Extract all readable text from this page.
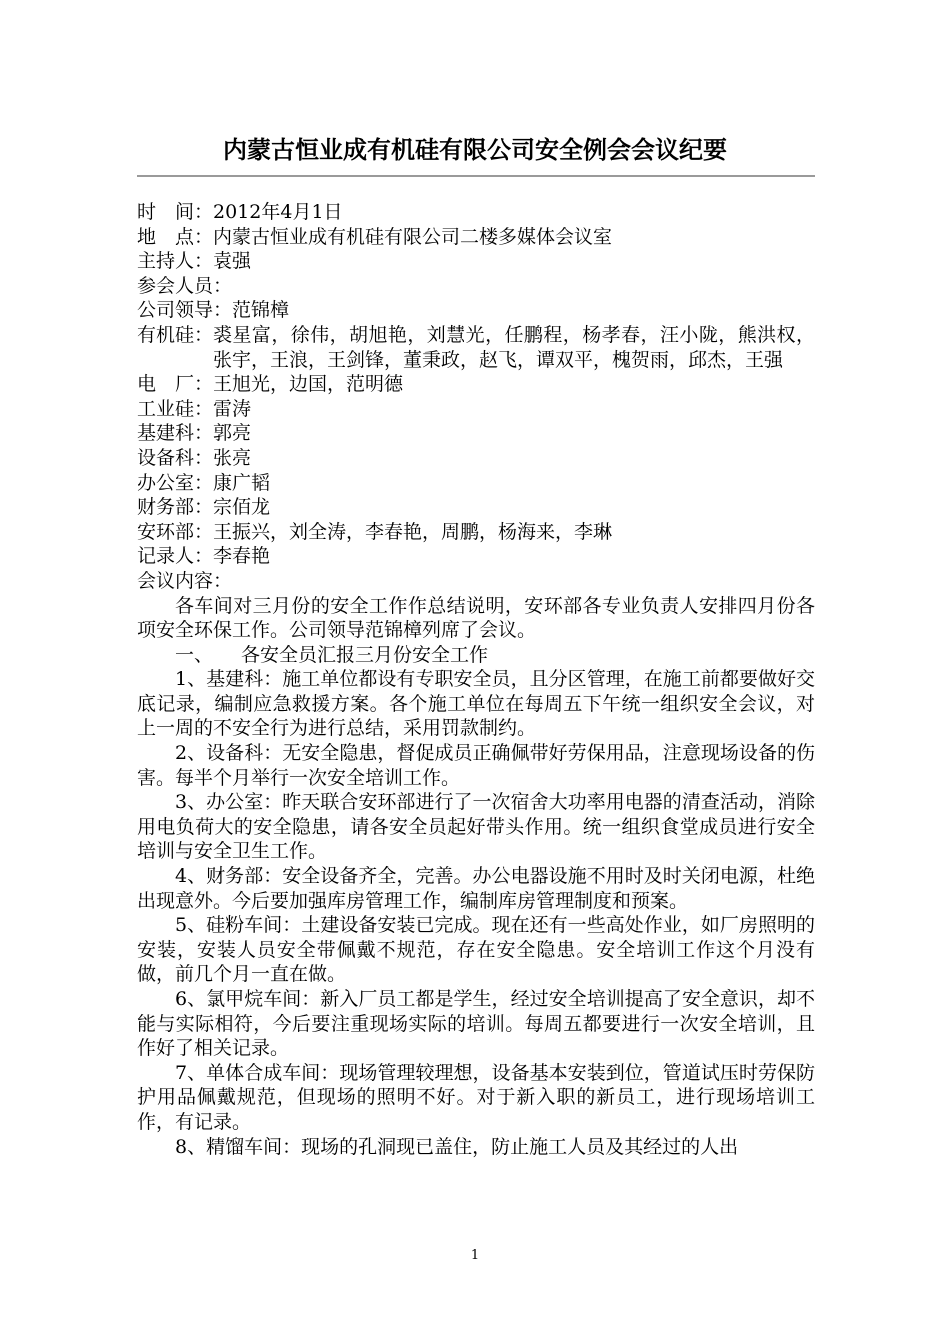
内蒙古恒业成有机硅有限公司安全例会会议纪要
时　间： 2012年4月1日
地　点： 内蒙古恒业成有机硅有限公司二楼多媒体会议室
主持人： 袁强
参会人员：
公司领导： 范锦樟
有机硅： 裘星富，徐伟，胡旭艳，刘慧光，任鹏程，杨孝春，汪小陇，熊洪权，张宇，王浪，王剑锋，董秉政，赵飞，谭双平，槐贺雨，邱杰，王强
电　厂： 王旭光，边国，范明德
工业硅： 雷涛
基建科： 郭亮
设备科： 张亮
办公室： 康广韬
财务部： 宗佰龙
安环部： 王振兴，刘全涛，李春艳，周鹏，杨海来，李琳
记录人： 李春艳
会议内容：

各车间对三月份的安全工作作总结说明，安环部各专业负责人安排四月份各项安全环保工作。公司领导范锦樟列席了会议。

一、 各安全员汇报三月份安全工作

1、基建科：施工单位都设有专职安全员，且分区管理，在施工前都要做好交底记录，编制应急救援方案。各个施工单位在每周五下午统一组织安全会议，对上一周的不安全行为进行总结，采用罚款制约。

2、设备科：无安全隐患，督促成员正确佩带好劳保用品，注意现场设备的伤害。每半个月举行一次安全培训工作。

3、办公室：昨天联合安环部进行了一次宿舍大功率用电器的清查活动，消除用电负荷大的安全隐患，请各安全员起好带头作用。统一组织食堂成员进行安全培训与安全卫生工作。

4、财务部：安全设备齐全，完善。办公电器设施不用时及时关闭电源，杜绝出现意外。今后要加强库房管理工作，编制库房管理制度和预案。

5、硅粉车间：土建设备安装已完成。现在还有一些高处作业，如厂房照明的安装，安装人员安全带佩戴不规范，存在安全隐患。安全培训工作这个月没有做，前几个月一直在做。

6、氯甲烷车间：新入厂员工都是学生，经过安全培训提高了安全意识，却不能与实际相符，今后要注重现场实际的培训。每周五都要进行一次安全培训，且作好了相关记录。

7、单体合成车间：现场管理较理想，设备基本安装到位，管道试压时劳保防护用品佩戴规范，但现场的照明不好。对于新入职的新员工，进行现场培训工作，有记录。

8、精馏车间：现场的孔洞现已盖住，防止施工人员及其经过的人出

1
